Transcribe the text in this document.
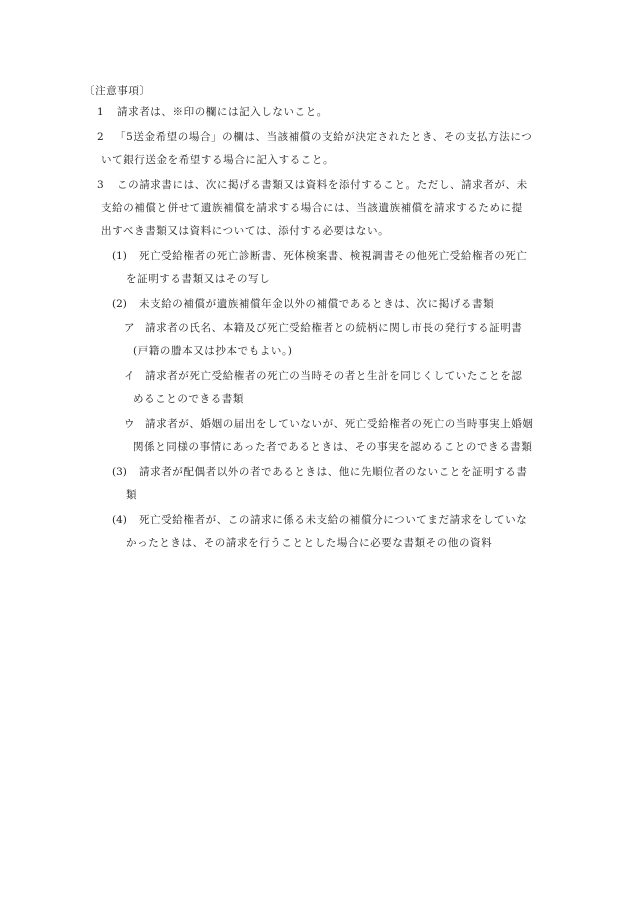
〔注意事項〕
1 請求者は、※印の欄には記入しないこと。
2 「5送金希望の場合」の欄は、当該補償の支給が決定されたとき、その支払方法につ
いて銀行送金を希望する場合に記入すること。
3 この請求書には、次に掲げる書類又は資料を添付すること。ただし、請求者が、未
支給の補償と併せて遺族補償を請求する場合には、当該遺族補償を請求するために提
出すべき書類又は資料については、添付する必要はない。
(1) 死亡受給権者の死亡診断書、死体検案書、検視調書その他死亡受給権者の死亡
を証明する書類又はその写し
(2) 未支給の補償が遺族補償年金以外の補償であるときは、次に掲げる書類
ア 請求者の氏名、本籍及び死亡受給権者との続柄に関し市長の発行する証明書
(戸籍の謄本又は抄本でもよい。)
イ 請求者が死亡受給権者の死亡の当時その者と生計を同じくしていたことを認
めることのできる書類
ウ 請求者が、婚姻の届出をしていないが、死亡受給権者の死亡の当時事実上婚姻
関係と同様の事情にあった者であるときは、その事実を認めることのできる書類
(3) 請求者が配偶者以外の者であるときは、他に先順位者のないことを証明する書
類
(4) 死亡受給権者が、この請求に係る未支給の補償分についてまだ請求をしていな
かったときは、その請求を行うこととした場合に必要な書類その他の資料
